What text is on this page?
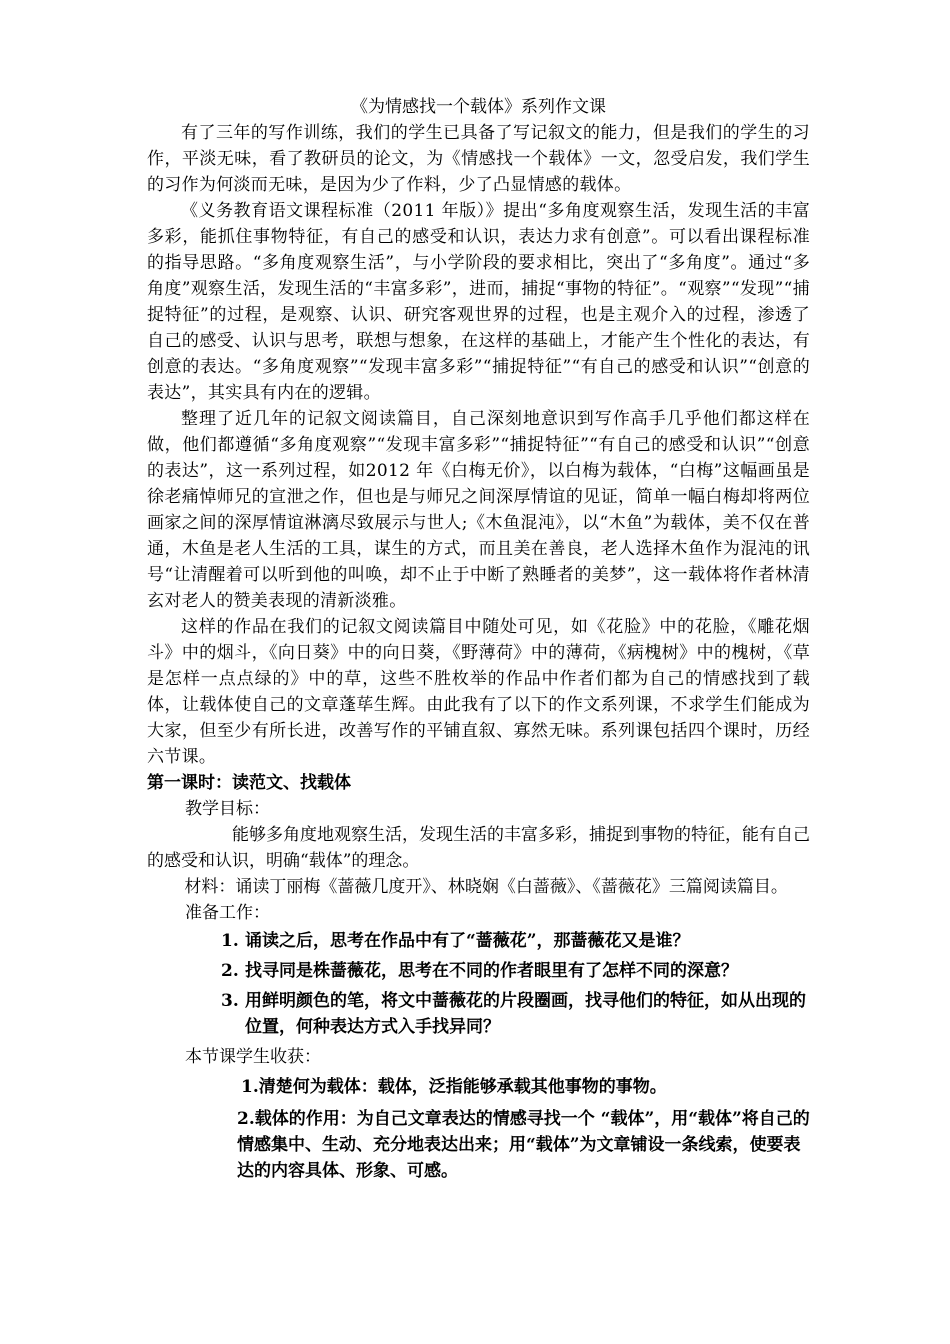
《为情感找一个载体》系列作文课

有了三年的写作训练，我们的学生已具备了写记叙文的能力，但是我们的学生的习作，平淡无味，看了教研员的论文，为《情感找一个载体》一文，忽受启发，我们学生的习作为何淡而无味，是因为少了作料，少了凸显情感的载体。

《义务教育语文课程标准（2011 年版）》提出“多角度观察生活，发现生活的丰富多彩，能抓住事物特征，有自己的感受和认识，表达力求有创意”。可以看出课程标准的指导思路。“多角度观察生活”，与小学阶段的要求相比，突出了“多角度”。通过“多角度”观察生活，发现生活的“丰富多彩”，进而，捕捉“事物的特征”。“观察”“发现”“捕捉特征”的过程，是观察、认识、研究客观世界的过程，也是主观介入的过程，渗透了自己的感受、认识与思考，联想与想象，在这样的基础上，才能产生个性化的表达，有创意的表达。“多角度观察”“发现丰富多彩”“捕捉特征”“有自己的感受和认识”“创意的表达”，其实具有内在的逻辑。

整理了近几年的记叙文阅读篇目，自己深刻地意识到写作高手几乎他们都这样在做，他们都遵循“多角度观察”“发现丰富多彩”“捕捉特征”“有自己的感受和认识”“创意的表达”，这一系列过程，如2012 年《白梅无价》，以白梅为载体，“白梅”这幅画虽是徐老痛悼师兄的宣泄之作，但也是与师兄之间深厚情谊的见证，简单一幅白梅却将两位画家之间的深厚情谊淋漓尽致展示与世人;《木鱼混沌》，以“木鱼”为载体，美不仅在普通，木鱼是老人生活的工具，谋生的方式，而且美在善良，老人选择木鱼作为混沌的讯号“让清醒着可以听到他的叫唤，却不止于中断了熟睡者的美梦”，这一载体将作者林清玄对老人的赞美表现的清新淡雅。

这样的作品在我们的记叙文阅读篇目中随处可见，如《花脸》中的花脸，《雕花烟斗》中的烟斗，《向日葵》中的向日葵，《野薄荷》中的薄荷，《病槐树》中的槐树，《草是怎样一点点绿的》中的草，这些不胜枚举的作品中作者们都为自己的情感找到了载体，让载体使自己的文章蓬荜生辉。由此我有了以下的作文系列课，不求学生们能成为大家，但至少有所长进，改善写作的平铺直叙、寡然无味。系列课包括四个课时，历经六节课。

第一课时：读范文、找载体

教学目标：

能够多角度地观察生活，发现生活的丰富多彩，捕捉到事物的特征，能有自己的感受和认识，明确“载体”的理念。

材料：诵读丁丽梅《蔷薇几度开》、林晓娴《白蔷薇》、《蔷薇花》三篇阅读篇目。

准备工作：

1. 诵读之后，思考在作品中有了“蔷薇花”，那蔷薇花又是谁？
2. 找寻同是株蔷薇花，思考在不同的作者眼里有了怎样不同的深意？
3. 用鲜明颜色的笔，将文中蔷薇花的片段圈画，找寻他们的特征，如从出现的位置，何种表达方式入手找异同？

本节课学生收获：

1.清楚何为载体：载体，泛指能够承载其他事物的事物。

2.载体的作用：为自己文章表达的情感寻找一个 “载体”，用“载体”将自己的情感集中、生动、充分地表达出来；用“载体”为文章铺设一条线索，使要表达的内容具体、形象、可感。
